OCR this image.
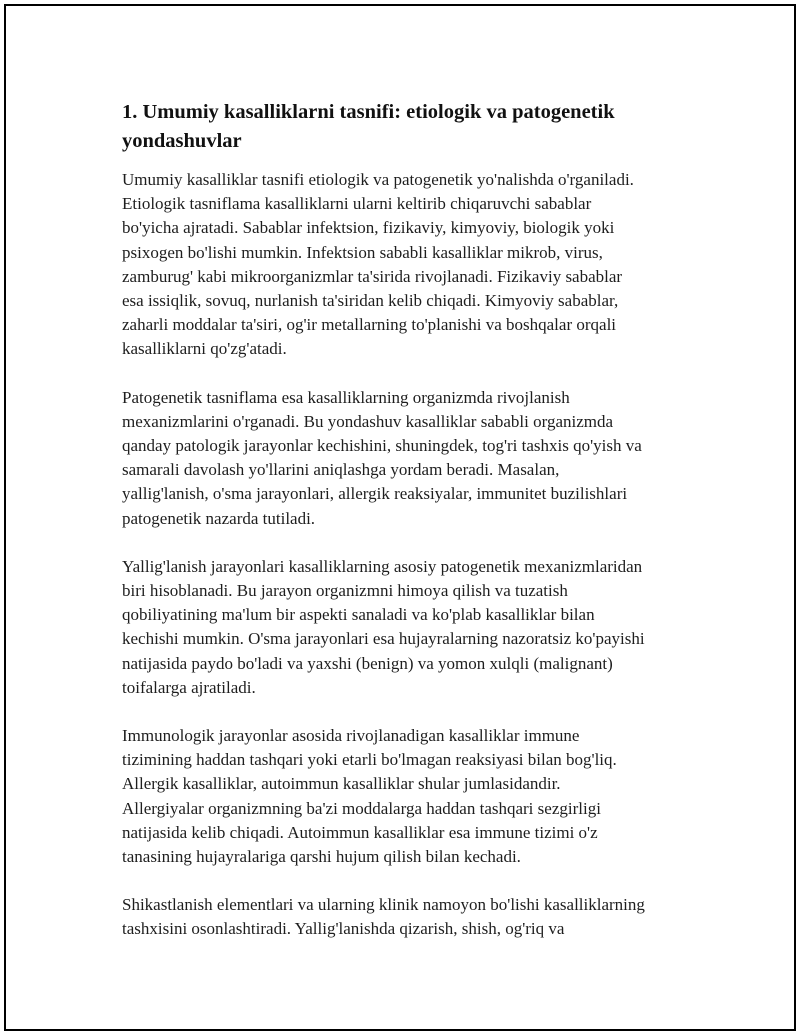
1. Umumiy kasalliklarni tasnifi: etiologik va patogenetik
yondashuvlar

Umumiy kasalliklar tasnifi etiologik va patogenetik yo'nalishda o'rganiladi.
Etiologik tasniflama kasalliklarni ularni keltirib chiqaruvchi sabablar
bo'yicha ajratadi. Sabablar infektsion, fizikaviy, kimyoviy, biologik yoki
psixogen bo'lishi mumkin. Infektsion sababli kasalliklar mikrob, virus,
zamburug' kabi mikroorganizmlar ta'sirida rivojlanadi. Fizikaviy sabablar
esa issiqlik, sovuq, nurlanish ta'siridan kelib chiqadi. Kimyoviy sabablar,
zaharli moddalar ta'siri, og'ir metallarning to'planishi va boshqalar orqali
kasalliklarni qo'zg'atadi.

Patogenetik tasniflama esa kasalliklarning organizmda rivojlanish
mexanizmlarini o'rganadi. Bu yondashuv kasalliklar sababli organizmda
qanday patologik jarayonlar kechishini, shuningdek, tog'ri tashxis qo'yish va
samarali davolash yo'llarini aniqlashga yordam beradi. Masalan,
yallig'lanish, o'sma jarayonlari, allergik reaksiyalar, immunitet buzilishlari
patogenetik nazarda tutiladi.

Yallig'lanish jarayonlari kasalliklarning asosiy patogenetik mexanizmlaridan
biri hisoblanadi. Bu jarayon organizmni himoya qilish va tuzatish
qobiliyatining ma'lum bir aspekti sanaladi va ko'plab kasalliklar bilan
kechishi mumkin. O'sma jarayonlari esa hujayralarning nazoratsiz ko'payishi
natijasida paydo bo'ladi va yaxshi (benign) va yomon xulqli (malignant)
toifalarga ajratiladi.

Immunologik jarayonlar asosida rivojlanadigan kasalliklar immune
tizimining haddan tashqari yoki etarli bo'lmagan reaksiyasi bilan bog'liq.
Allergik kasalliklar, autoimmun kasalliklar shular jumlasidandir.
Allergiyalar organizmning ba'zi moddalarga haddan tashqari sezgirligi
natijasida kelib chiqadi. Autoimmun kasalliklar esa immune tizimi o'z
tanasining hujayralariga qarshi hujum qilish bilan kechadi.

Shikastlanish elementlari va ularning klinik namoyon bo'lishi kasalliklarning
tashxisini osonlashtiradi. Yallig'lanishda qizarish, shish, og'riq va
